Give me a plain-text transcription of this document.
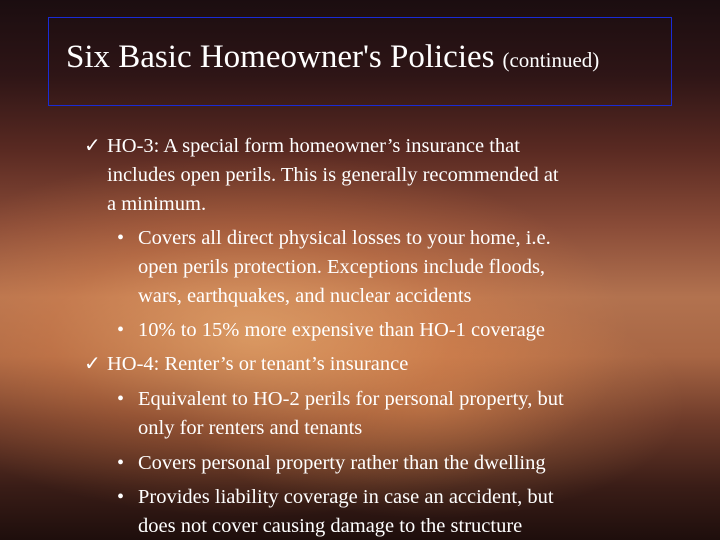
Six Basic Homeowner's Policies (continued)
✓ HO-3: A special form homeowner’s insurance that
includes open perils. This is generally recommended at
a minimum.
• Covers all direct physical losses to your home, i.e.
open perils protection. Exceptions include floods,
wars, earthquakes, and nuclear accidents
• 10% to 15% more expensive than HO-1 coverage
✓ HO-4: Renter’s or tenant’s insurance
• Equivalent to HO-2 perils for personal property, but
only for renters and tenants
• Covers personal property rather than the dwelling
• Provides liability coverage in case an accident, but
does not cover causing damage to the structure
